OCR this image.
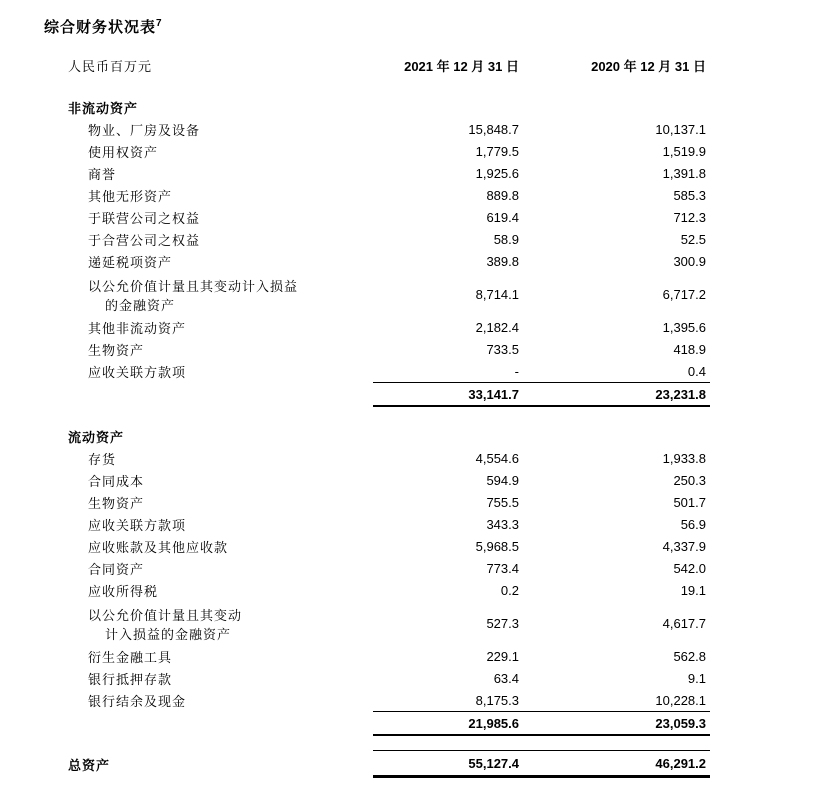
综合财务状况表$^7$
人民币百万元	2021 年 12 月 31 日	2020 年 12 月 31 日
非流动资产
物业、厂房及设备	15,848.7	10,137.1
使用权资产	1,779.5	1,519.9
商誉	1,925.6	1,391.8
其他无形资产	889.8	585.3
于联营公司之权益	619.4	712.3
于合营公司之权益	58.9	52.5
递延税项资产	389.8	300.9
以公允价值计量且其变动计入损益
的金融资产
8,714.1	6,717.2
其他非流动资产	2,182.4	1,395.6
生物资产	733.5	418.9
应收关联方款项	-	0.4
33,141.7	23,231.8
流动资产
存货	4,554.6	1,933.8
合同成本	594.9	250.3
生物资产	755.5	501.7
应收关联方款项	343.3	56.9
应收账款及其他应收款	5,968.5	4,337.9
合同资产	773.4	542.0
应收所得税	0.2	19.1
以公允价值计量且其变动
计入损益的金融资产
527.3	4,617.7
衍生金融工具	229.1	562.8
银行抵押存款	63.4	9.1
银行结余及现金	8,175.3	10,228.1
21,985.6	23,059.3
总资产	55,127.4	46,291.2
